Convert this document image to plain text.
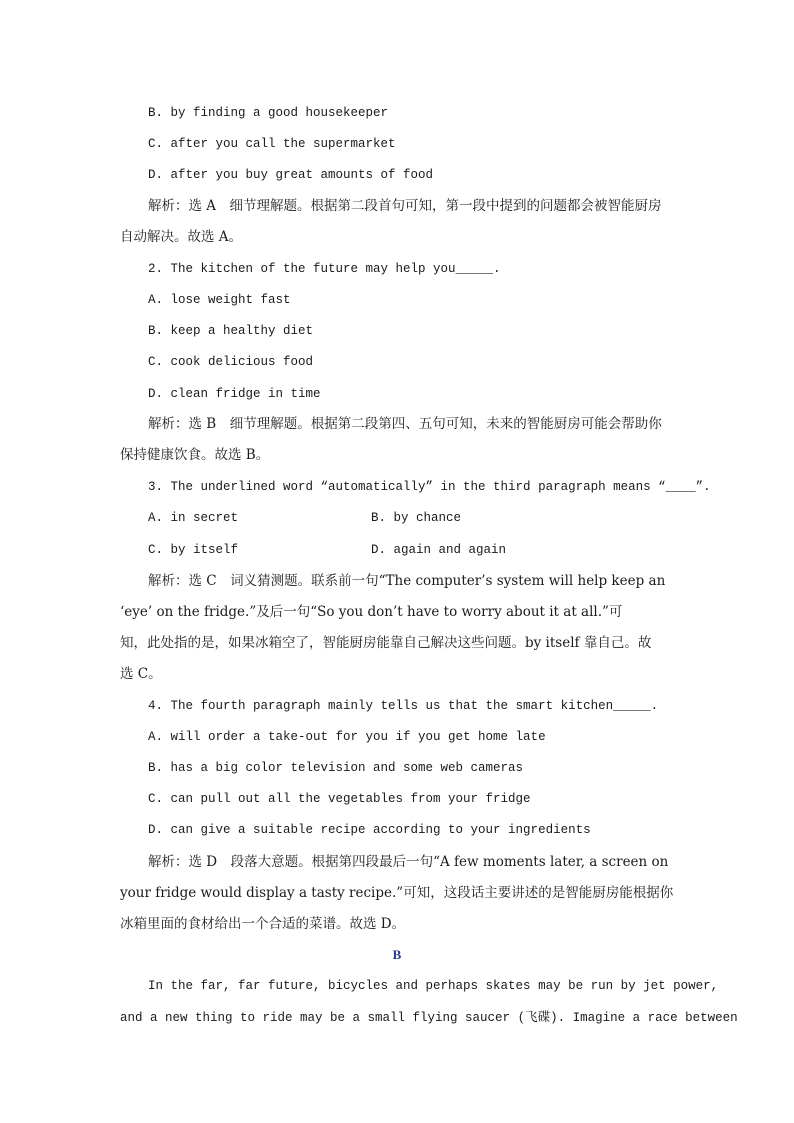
B. by finding a good housekeeper
C. after you call the supermarket
D. after you buy great amounts of food
解析：选 A　细节理解题。根据第二段首句可知，第一段中提到的问题都会被智能厨房
自动解决。故选 A。
2. The kitchen of the future may help you_____.
A. lose weight fast
B. keep a healthy diet
C. cook delicious food
D. clean fridge in time
解析：选 B　细节理解题。根据第二段第四、五句可知，未来的智能厨房可能会帮助你
保持健康饮食。故选 B。
3. The underlined word “automatically” in the third paragraph means “____”.
A. in secret	B. by chance
C. by itself	D. again and again
解析：选 C　词义猜测题。联系前一句“The computer’s system will help keep an
‘eye’ on the fridge.”及后一句“So you don’t have to worry about it at all.”可
知，此处指的是，如果冰箱空了，智能厨房能靠自己解决这些问题。by itself 靠自己。故
选 C。
4. The fourth paragraph mainly tells us that the smart kitchen_____.
A. will order a take-out for you if you get home late
B. has a big color television and some web cameras
C. can pull out all the vegetables from your fridge
D. can give a suitable recipe according to your ingredients
解析：选 D　段落大意题。根据第四段最后一句“A few moments later, a screen on
your fridge would display a tasty recipe.”可知，这段话主要讲述的是智能厨房能根据你
冰箱里面的食材给出一个合适的菜谱。故选 D。
B
In the far, far future, bicycles and perhaps skates may be run by jet power,
and a new thing to ride may be a small flying saucer (飞碟). Imagine a race between
